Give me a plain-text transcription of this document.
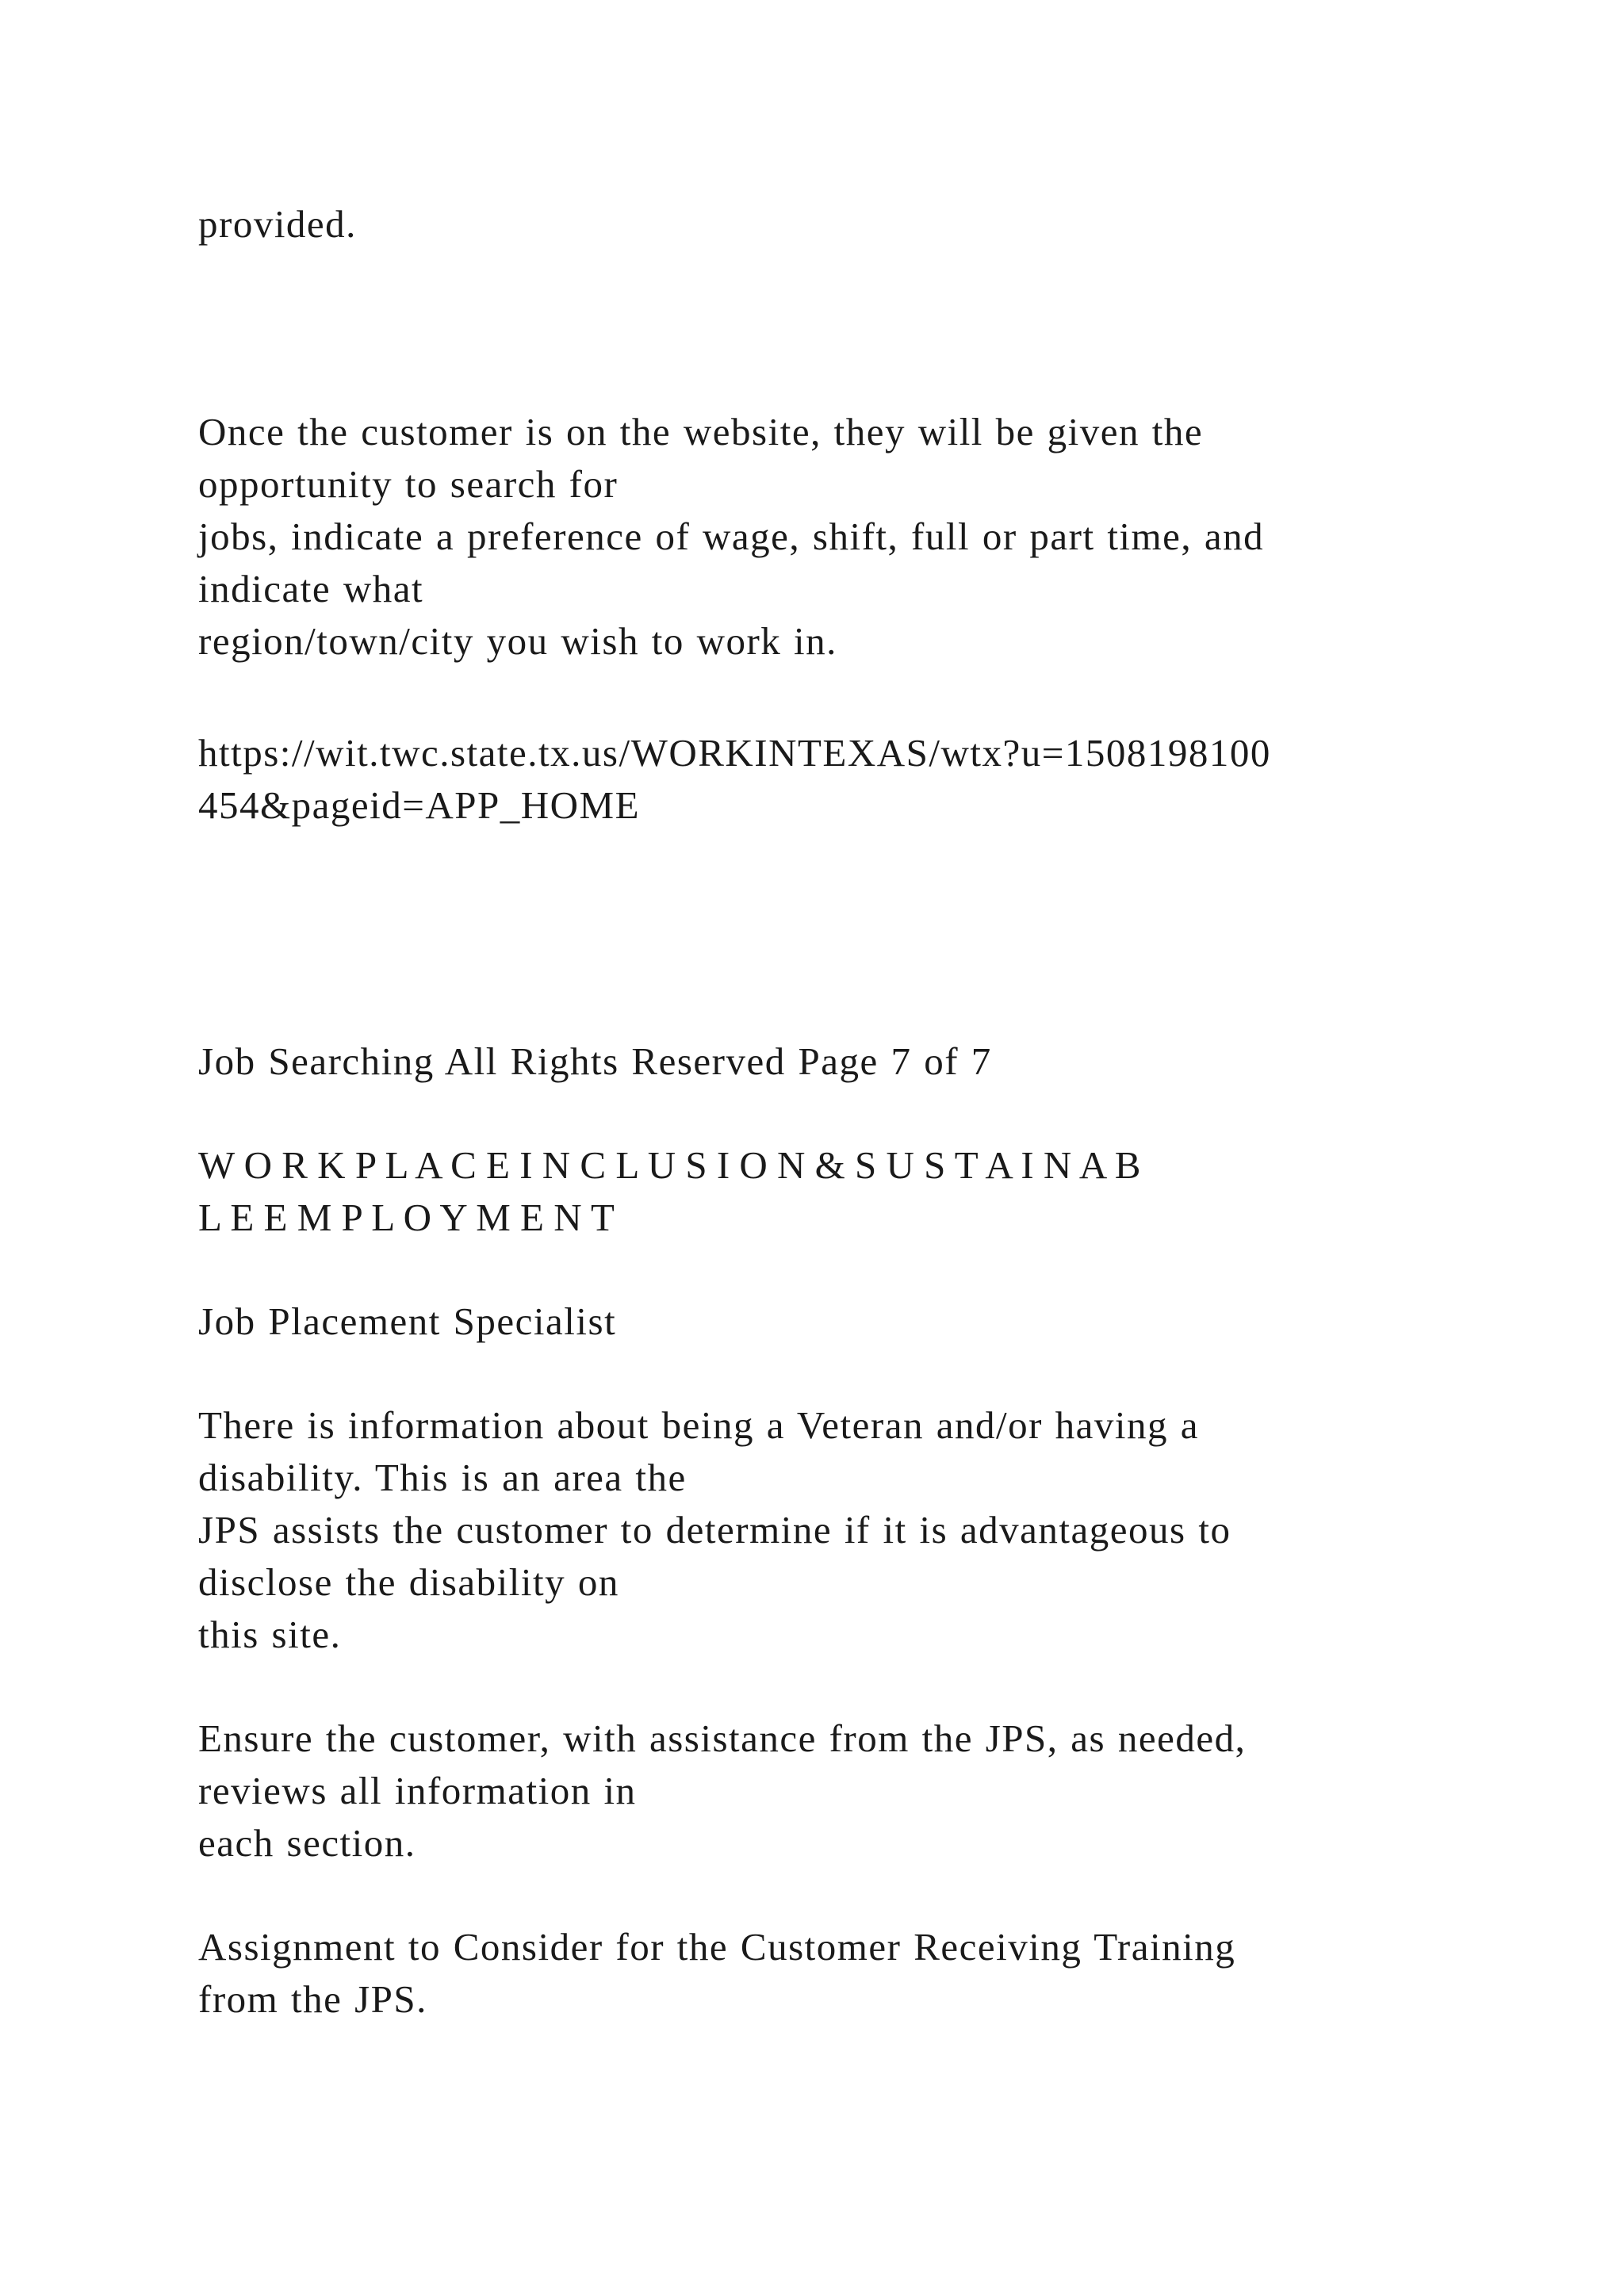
provided.
Once the customer is on the website, they will be given the
opportunity to search for
jobs, indicate a preference of wage, shift, full or part time, and
indicate what
region/town/city you wish to work in.
https://wit.twc.state.tx.us/WORKINTEXAS/wtx?u=1508198100
454&pageid=APP_HOME
Job Searching All Rights Reserved Page 7 of 7
W O R K P L A C E I N C L U S I O N & S U S T A I N A B
L E E M P L O Y M E N T
Job Placement Specialist
There is information about being a Veteran and/or having a
disability. This is an area the
JPS assists the customer to determine if it is advantageous to
disclose the disability on
this site.
Ensure the customer, with assistance from the JPS, as needed,
reviews all information in
each section.
Assignment to Consider for the Customer Receiving Training
from the JPS.
